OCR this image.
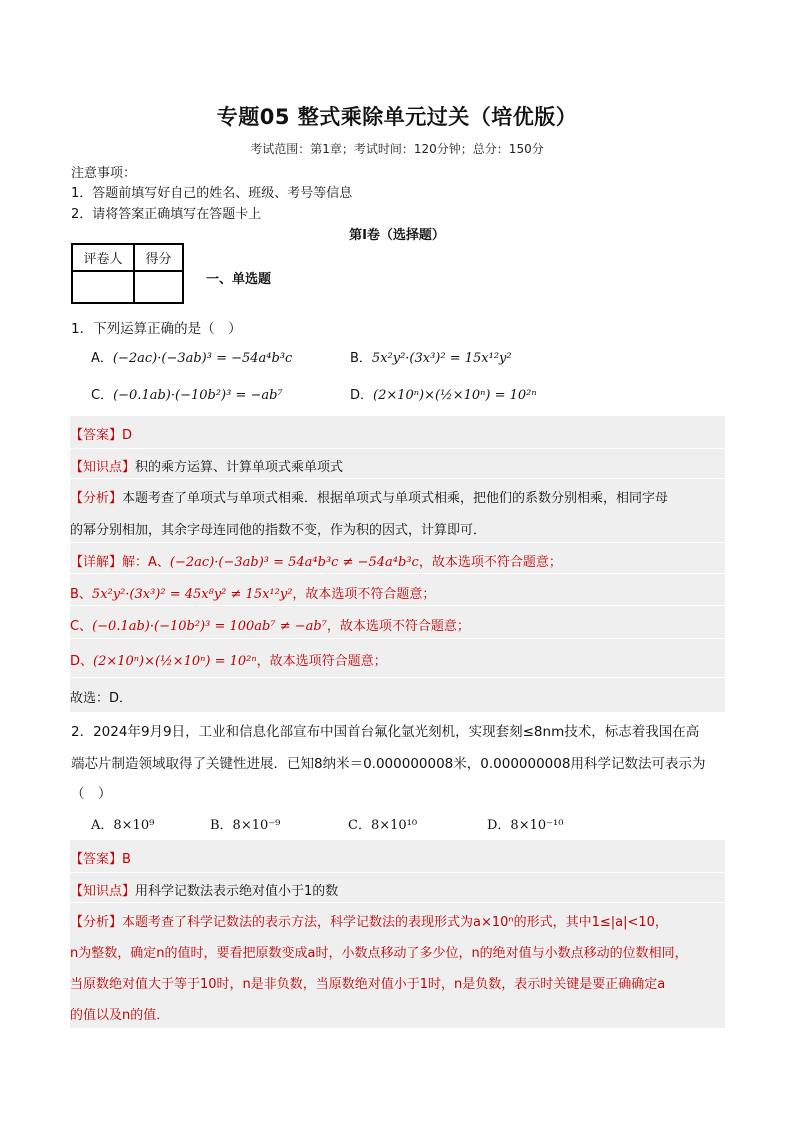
专题05 整式乘除单元过关（培优版）
考试范围：第1章；考试时间：120分钟；总分：150分
注意事项：
1．答题前填写好自己的姓名、班级、考号等信息
2．请将答案正确填写在答题卡上
第I卷（选择题）
评卷人	得分

一、单选题
1．下列运算正确的是（　）
A．(−2ac)·(−3ab)³ = −54a⁴b³c	B．5x²y²·(3x³)² = 15x¹²y²
C．(−0.1ab)·(−10b²)³ = −ab⁷	D．(2×10ⁿ)×(½×10ⁿ) = 10²ⁿ
【答案】D
【知识点】积的乘方运算、计算单项式乘单项式
【分析】本题考查了单项式与单项式相乘．根据单项式与单项式相乘，把他们的系数分别相乘，相同字母
的幂分别相加，其余字母连同他的指数不变，作为积的因式，计算即可．
【详解】解：A、(−2ac)·(−3ab)³ = 54a⁴b³c ≠ −54a⁴b³c，故本选项不符合题意；
B、5x²y²·(3x³)² = 45x⁸y² ≠ 15x¹²y²，故本选项不符合题意；
C、(−0.1ab)·(−10b²)³ = 100ab⁷ ≠ −ab⁷，故本选项不符合题意；
D、(2×10ⁿ)×(½×10ⁿ) = 10²ⁿ，故本选项符合题意；
故选：D．
2．2024年9月9日，工业和信息化部宣布中国首台氟化氩光刻机，实现套刻≤8nm技术，标志着我国在高
端芯片制造领域取得了关键性进展．已知8纳米＝0.000000008米，0.000000008用科学记数法可表示为
（　）
A．8×10⁹	B．8×10⁻⁹	C．8×10¹⁰	D．8×10⁻¹⁰
【答案】B
【知识点】用科学记数法表示绝对值小于1的数
【分析】本题考查了科学记数法的表示方法，科学记数法的表现形式为a×10ⁿ的形式，其中1≤|a|<10，
n为整数，确定n的值时，要看把原数变成a时，小数点移动了多少位，n的绝对值与小数点移动的位数相同，
当原数绝对值大于等于10时，n是非负数，当原数绝对值小于1时，n是负数，表示时关键是要正确确定a
的值以及n的值．
